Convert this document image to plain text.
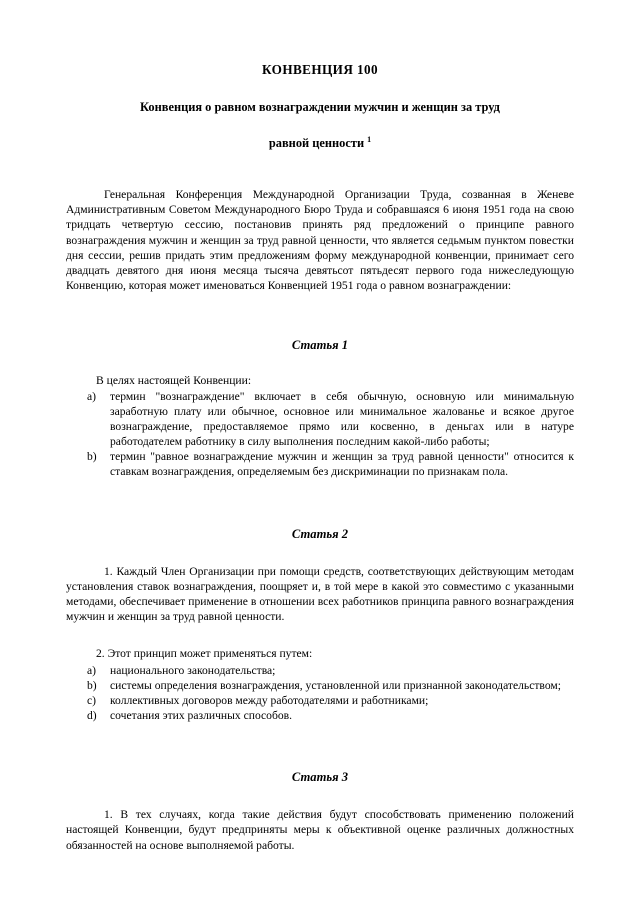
КОНВЕНЦИЯ 100
Конвенция о равном вознаграждении мужчин и женщин за труд
равной ценности $^1$

Генеральная Конференция Международной Организации Труда, созванная в Женеве Административным Советом Международного Бюро Труда и собравшаяся 6 июня 1951 года на свою тридцать четвертую сессию, постановив принять ряд предложений о принципе равного вознаграждения мужчин и женщин за труд равной ценности, что является седьмым пунктом повестки дня сессии, решив придать этим предложениям форму международной конвенции, принимает сего двадцать девятого дня июня месяца тысяча девятьсот пятьдесят первого года нижеследующую Конвенцию, которая может именоваться Конвенцией 1951 года о равном вознаграждении:

Статья 1

В целях настоящей Конвенции:

a)	термин "вознаграждение" включает в себя обычную, основную или минимальную заработную плату или обычное, основное или минимальное жалованье и всякое другое вознаграждение, предоставляемое прямо или косвенно, в деньгах или в натуре работодателем работнику в силу выполнения последним какой-либо работы;
b)	термин "равное вознаграждение мужчин и женщин за труд равной ценности" относится к ставкам вознаграждения, определяемым без дискриминации по признакам пола.
Статья 2

1. Каждый Член Организации при помощи средств, соответствующих действующим методам установления ставок вознаграждения, поощряет и, в той мере в какой это совместимо с указанными методами, обеспечивает применение в отношении всех работников принципа равного вознаграждения мужчин и женщин за труд равной ценности.

2. Этот принцип может применяться путем:

a)	национального законодательства;
b)	системы определения вознаграждения, установленной или признанной законодательством;
c)	коллективных договоров между работодателями и работниками;
d)	сочетания этих различных способов.
Статья 3

1. В тех случаях, когда такие действия будут способствовать применению положений настоящей Конвенции, будут предприняты меры к объективной оценке различных должностных обязанностей на основе выполняемой работы.
